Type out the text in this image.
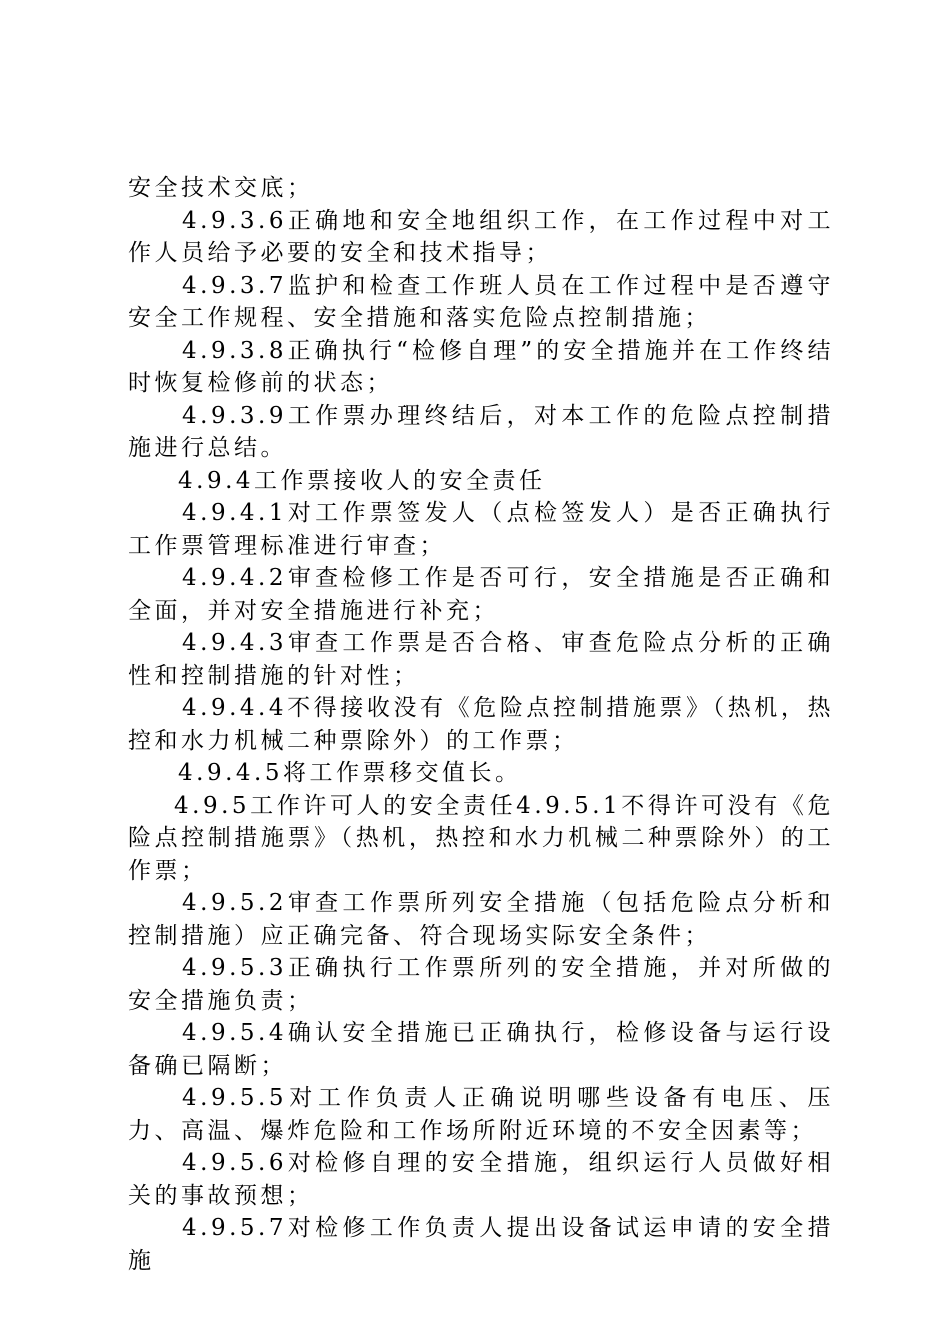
安全技术交底；

4.9.3.6正确地和安全地组织工作，在工作过程中对工作人员给予必要的安全和技术指导；

4.9.3.7监护和检查工作班人员在工作过程中是否遵守安全工作规程、安全措施和落实危险点控制措施；

4.9.3.8正确执行“检修自理”的安全措施并在工作终结时恢复检修前的状态；

4.9.3.9工作票办理终结后，对本工作的危险点控制措施进行总结。

4.9.4工作票接收人的安全责任

4.9.4.1对工作票签发人（点检签发人）是否正确执行工作票管理标准进行审查；

4.9.4.2审查检修工作是否可行，安全措施是否正确和全面，并对安全措施进行补充；

4.9.4.3审查工作票是否合格、审查危险点分析的正确性和控制措施的针对性；

4.9.4.4不得接收没有《危险点控制措施票》（热机，热控和水力机械二种票除外）的工作票；

4.9.4.5将工作票移交值长。

4.9.5工作许可人的安全责任4.9.5.1不得许可没有《危险点控制措施票》（热机，热控和水力机械二种票除外）的工作票；

4.9.5.2审查工作票所列安全措施（包括危险点分析和控制措施）应正确完备、符合现场实际安全条件；

4.9.5.3正确执行工作票所列的安全措施，并对所做的安全措施负责；

4.9.5.4确认安全措施已正确执行，检修设备与运行设备确已隔断；

4.9.5.5对工作负责人正确说明哪些设备有电压、压力、高温、爆炸危险和工作场所附近环境的不安全因素等；

4.9.5.6对检修自理的安全措施，组织运行人员做好相关的事故预想；

4.9.5.7对检修工作负责人提出设备试运申请的安全措施
